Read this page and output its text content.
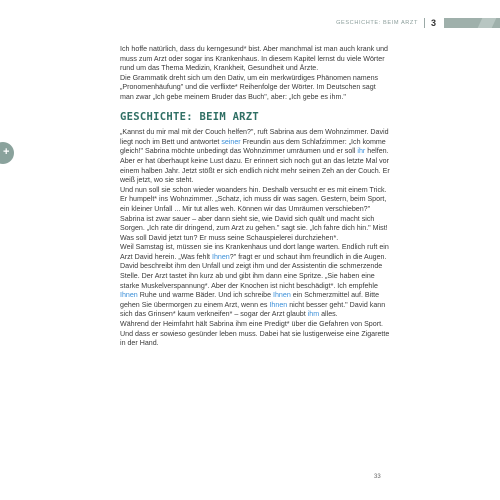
GESCHICHTE: BEIM ARZT 3
+

Ich hoffe natürlich, dass du kerngesund* bist. Aber manchmal ist man auch krank und muss zum Arzt oder sogar ins Krankenhaus. In diesem Kapitel lernst du viele Wörter rund um das Thema Medizin, Krankheit, Gesundheit und Ärzte.

Die Grammatik dreht sich um den Dativ, um ein merkwürdiges Phänomen namens „Pronomenhäufung" und die verflixte* Reihenfolge der Wörter. Im Deutschen sagt man zwar „Ich gebe meinem Bruder das Buch", aber: „Ich gebe es ihm."

GESCHICHTE: BEIM ARZT

„Kannst du mir mal mit der Couch helfen?", ruft Sabrina aus dem Wohnzimmer. David liegt noch im Bett und antwortet seiner Freundin aus dem Schlafzimmer: „Ich komme gleich!" Sabrina möchte unbedingt das Wohnzimmer umräumen und er soll ihr helfen.

Aber er hat überhaupt keine Lust dazu. Er erinnert sich noch gut an das letzte Mal vor einem halben Jahr. Jetzt stößt er sich endlich nicht mehr seinen Zeh an der Couch. Er weiß jetzt, wo sie steht.

Und nun soll sie schon wieder woanders hin. Deshalb versucht er es mit einem Trick. Er humpelt* ins Wohnzimmer. „Schatz, ich muss dir was sagen. Gestern, beim Sport, ein kleiner Unfall ... Mir tut alles weh. Können wir das Umräumen verschieben?" Sabrina ist zwar sauer – aber dann sieht sie, wie David sich quält und macht sich Sorgen. „Ich rate dir dringend, zum Arzt zu gehen." sagt sie. „Ich fahre dich hin." Mist! Was soll David jetzt tun? Er muss seine Schauspielerei durchziehen*.

Weil Samstag ist, müssen sie ins Krankenhaus und dort lange warten. Endlich ruft ein Arzt David herein. „Was fehlt Ihnen?" fragt er und schaut ihm freundlich in die Augen.

David beschreibt ihm den Unfall und zeigt ihm und der Assistentin die schmerzende Stelle. Der Arzt tastet ihn kurz ab und gibt ihm dann eine Spritze. „Sie haben eine starke Muskelverspannung*. Aber der Knochen ist nicht beschädigt*. Ich empfehle Ihnen Ruhe und warme Bäder. Und ich schreibe Ihnen ein Schmerzmittel auf. Bitte gehen Sie übermorgen zu einem Arzt, wenn es Ihnen nicht besser geht." David kann sich das Grinsen* kaum verkneifen* – sogar der Arzt glaubt ihm alles.

Während der Heimfahrt hält Sabrina ihm eine Predigt* über die Gefahren von Sport. Und dass er sowieso gesünder leben muss. Dabei hat sie lustigerweise eine Zigarette in der Hand.

33
